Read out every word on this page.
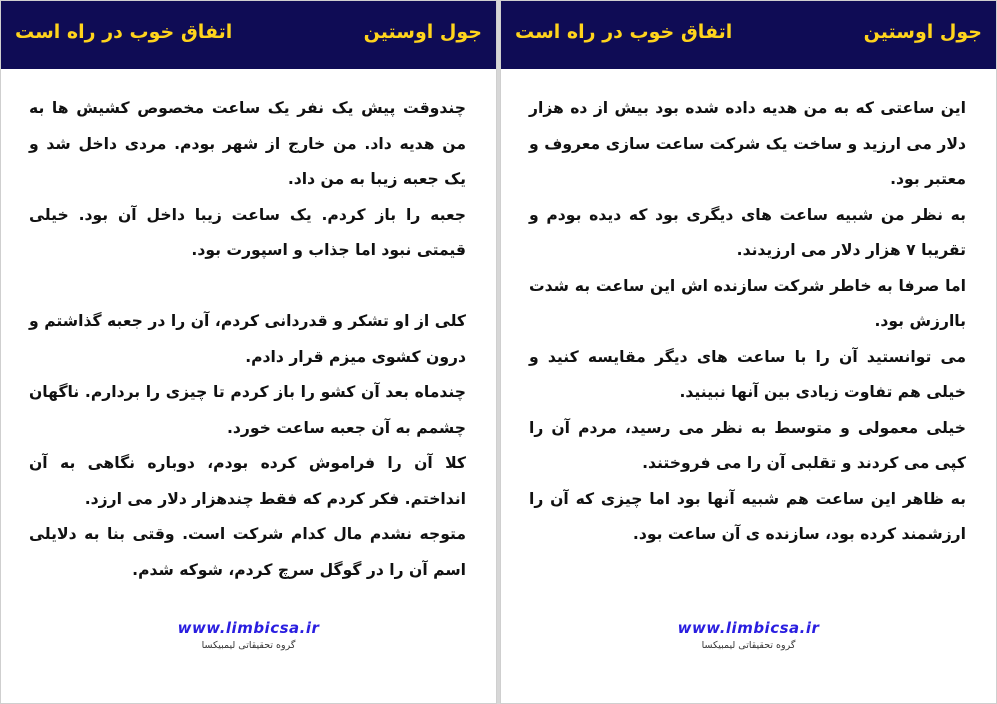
جول اوستین
اتفاق خوب در راه است

چندوقت پیش یک نفر یک ساعت مخصوص کشیش ها به من هدیه داد. من خارج از شهر بودم. مردی داخل شد و یک جعبه زیبا به من داد.

جعبه را باز کردم. یک ساعت زیبا داخل آن بود. خیلی قیمتی نبود اما جذاب و اسپورت بود.

کلی از او تشکر و قدردانی کردم، آن را در جعبه گذاشتم و درون کشوی میزم قرار دادم.

چندماه بعد آن کشو را باز کردم تا چیزی را بردارم. ناگهان چشمم به آن جعبه ساعت خورد.

کلا آن را فراموش کرده بودم، دوباره نگاهی به آن انداختم. فکر کردم که فقط چندهزار دلار می ارزد.

متوجه نشدم مال کدام شرکت است. وقتی بنا به دلایلی اسم آن را در گوگل سرچ کردم، شوکه شدم.

www.limbicsa.ir
گروه تحقیقاتی لیمبیکسا
جول اوستین
اتفاق خوب در راه است

این ساعتی که به من هدیه داده شده بود بیش از ده هزار دلار می ارزید و ساخت یک شرکت ساعت سازی معروف و معتبر بود.

به نظر من شبیه ساعت های دیگری بود که دیده بودم و تقریبا ۷ هزار دلار می ارزیدند.

اما صرفا به خاطر شرکت سازنده اش این ساعت به شدت باارزش بود.

می توانستید آن را با ساعت های دیگر مقایسه کنید و خیلی هم تفاوت زیادی بین آنها نبینید.

خیلی معمولی و متوسط به نظر می رسید، مردم آن را کپی می کردند و تقلبی آن را می فروختند.

به ظاهر این ساعت هم شبیه آنها بود اما چیزی که آن را ارزشمند کرده بود، سازنده ی آن ساعت بود.

www.limbicsa.ir
گروه تحقیقاتی لیمبیکسا
